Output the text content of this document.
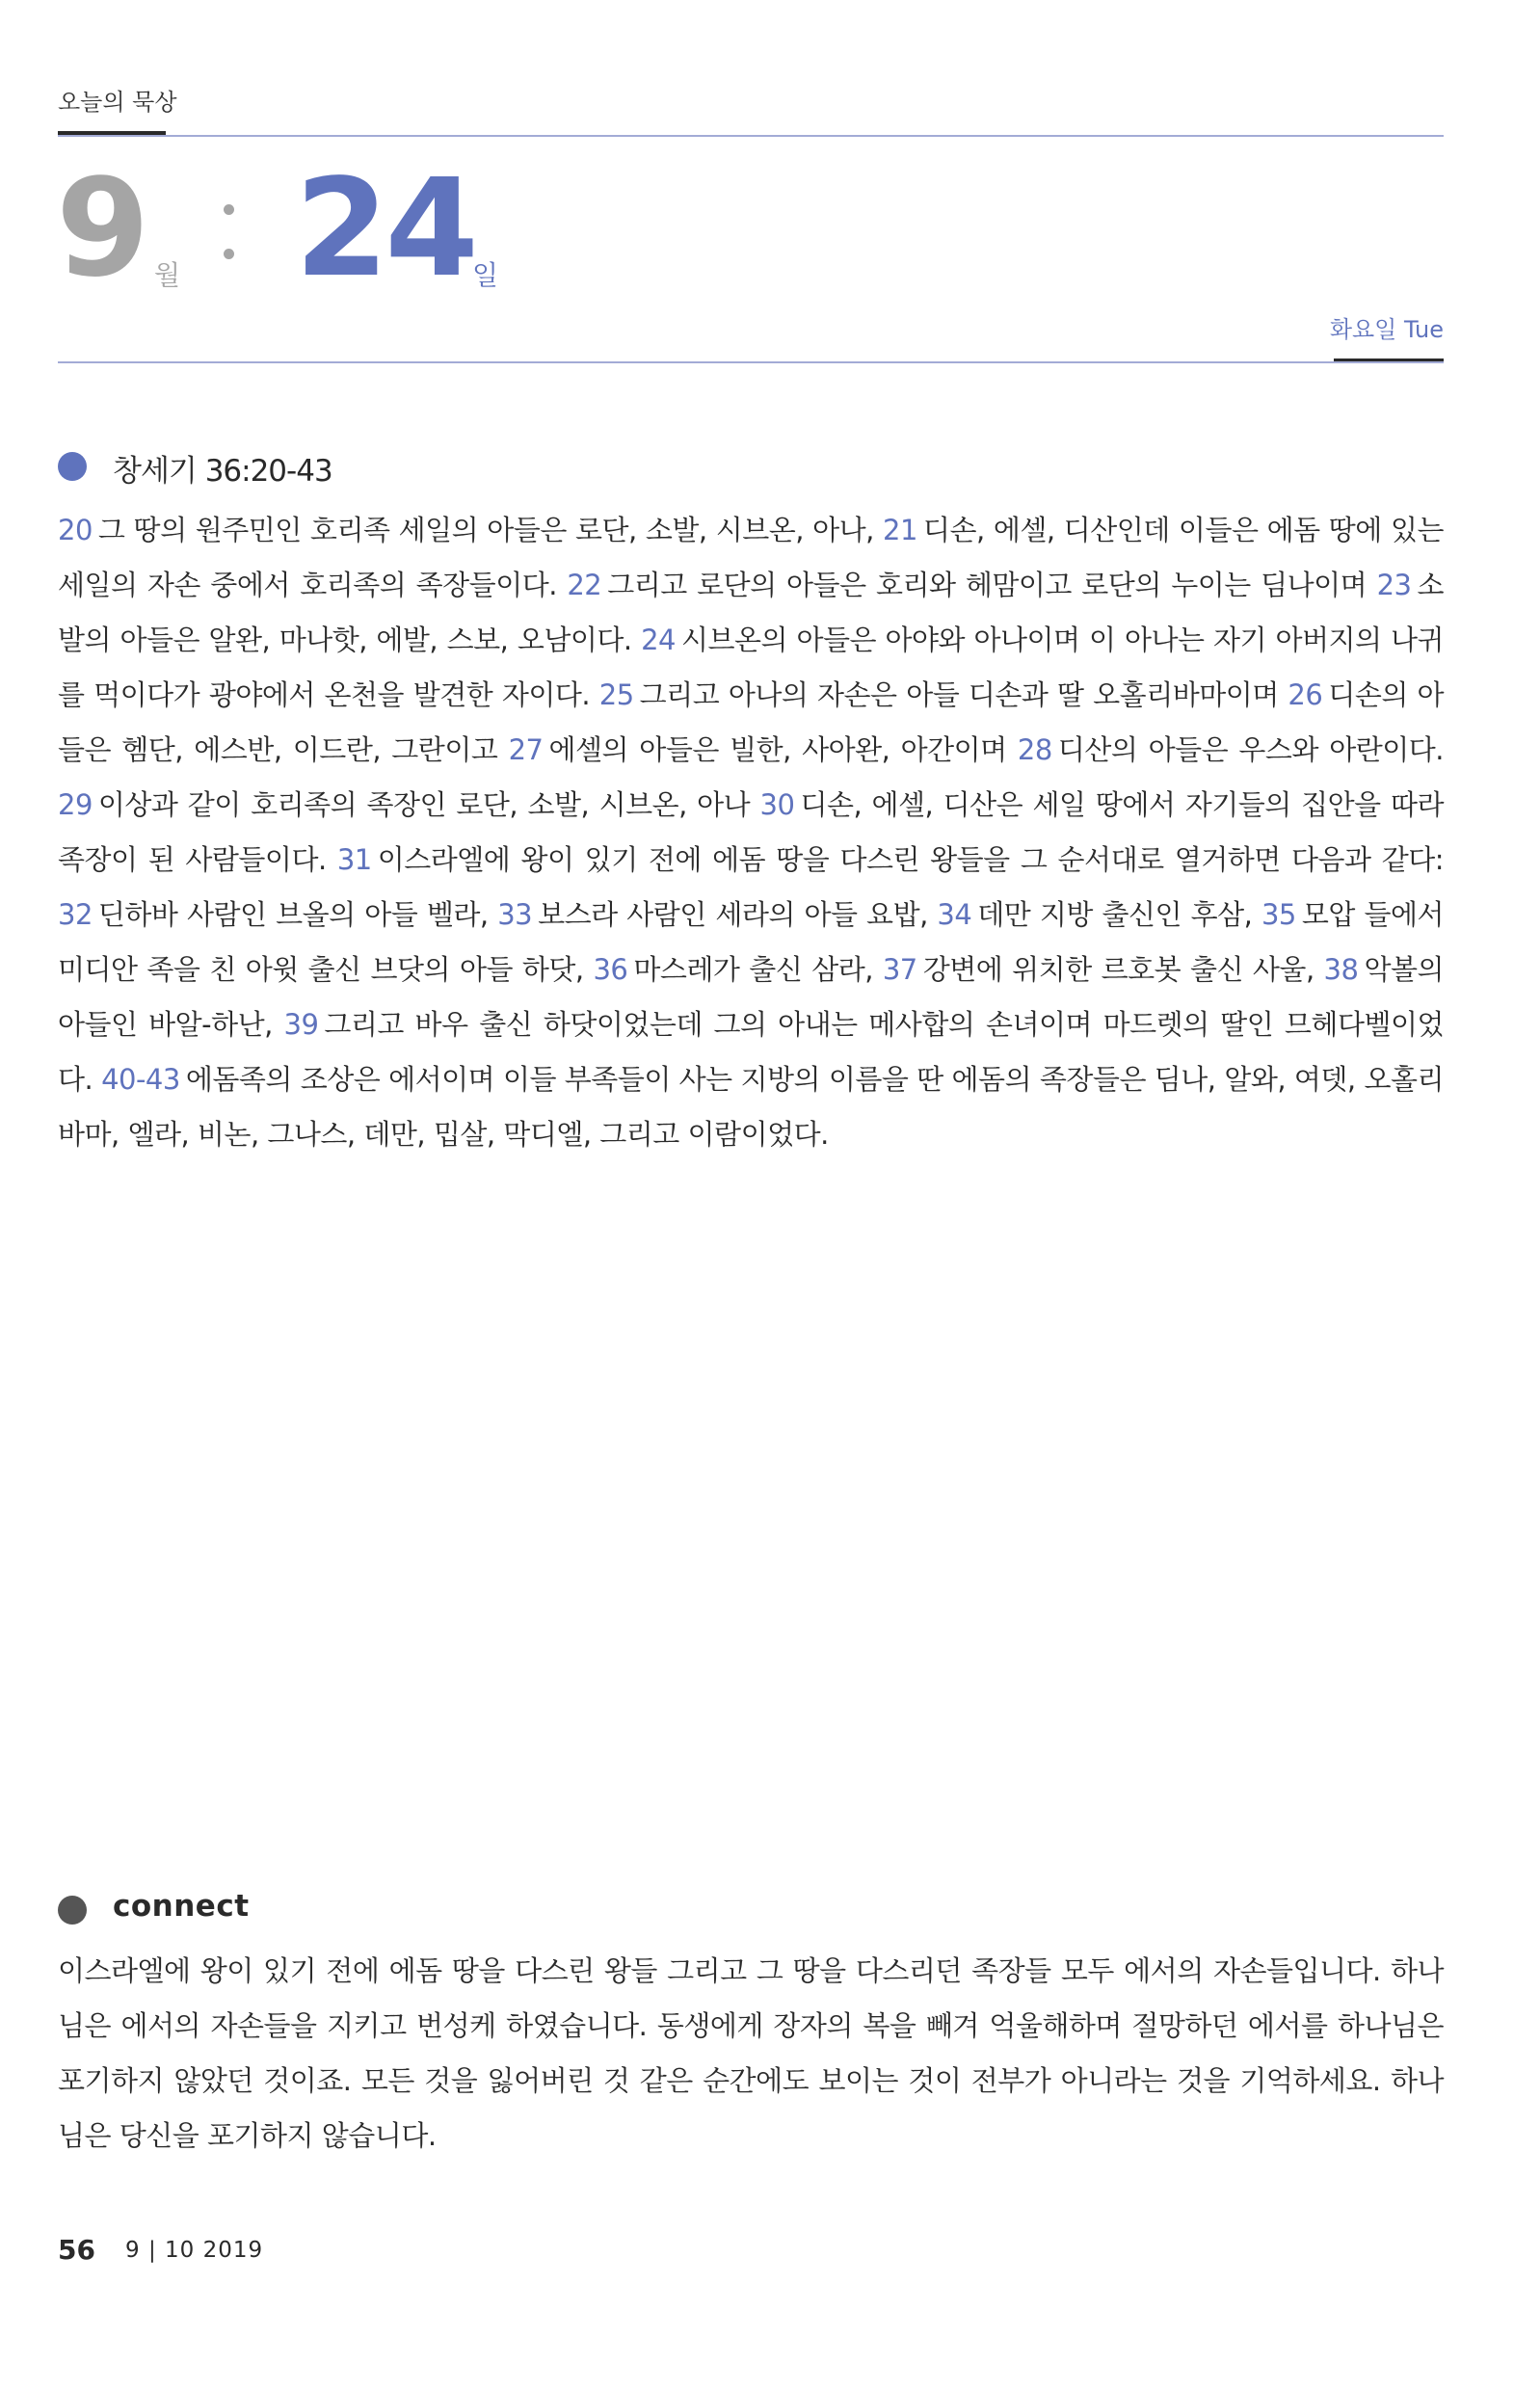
오늘의 묵상
9 월 24
일
화요일 Tue
창세기 36:20-43
20 그 땅의 원주민인 호리족 세일의 아들은 로단, 소발, 시브온, 아나, 21 디손, 에셀, 디산인데 이들은 에돔 땅에 있는 세일의 자손 중에서 호리족의 족장들이다. 22 그리고 로단의 아들은 호리와 헤맘이고 로단의 누이는 딤나이며 23 소발의 아들은 알완, 마나핫, 에발, 스보, 오남이다. 24 시브온의 아들은 아야와 아나이며 이 아나는 자기 아버지의 나귀를 먹이다가 광야에서 온천을 발견한 자이다. 25 그리고 아나의 자손은 아들 디손과 딸 오홀리바마이며 26 디손의 아들은 헴단, 에스반, 이드란, 그란이고 27 에셀의 아들은 빌한, 사아완, 아간이며 28 디산의 아들은 우스와 아란이다. 29 이상과 같이 호리족의 족장인 로단, 소발, 시브온, 아나 30 디손, 에셀, 디산은 세일 땅에서 자기들의 집안을 따라 족장이 된 사람들이다. 31 이스라엘에 왕이 있기 전에 에돔 땅을 다스린 왕들을 그 순서대로 열거하면 다음과 같다: 32 딘하바 사람인 브올의 아들 벨라, 33 보스라 사람인 세라의 아들 요밥, 34 데만 지방 출신인 후삼, 35 모압 들에서 미디안 족을 친 아윗 출신 브닷의 아들 하닷, 36 마스레가 출신 삼라, 37 강변에 위치한 르호봇 출신 사울, 38 악볼의 아들인 바알-하난, 39 그리고 바우 출신 하닷이었는데 그의 아내는 메사합의 손녀이며 마드렛의 딸인 므헤다벨이었다. 40-43 에돔족의 조상은 에서이며 이들 부족들이 사는 지방의 이름을 딴 에돔의 족장들은 딤나, 알와, 여뎃, 오홀리바마, 엘라, 비논, 그나스, 데만, 밉살, 막디엘, 그리고 이람이었다.
connect
이스라엘에 왕이 있기 전에 에돔 땅을 다스린 왕들 그리고 그 땅을 다스리던 족장들 모두 에서의 자손들입니다. 하나님은 에서의 자손들을 지키고 번성케 하였습니다. 동생에게 장자의 복을 빼겨 억울해하며 절망하던 에서를 하나님은 포기하지 않았던 것이죠. 모든 것을 잃어버린 것 같은 순간에도 보이는 것이 전부가 아니라는 것을 기억하세요. 하나님은 당신을 포기하지 않습니다.
56 9 | 10 2019
